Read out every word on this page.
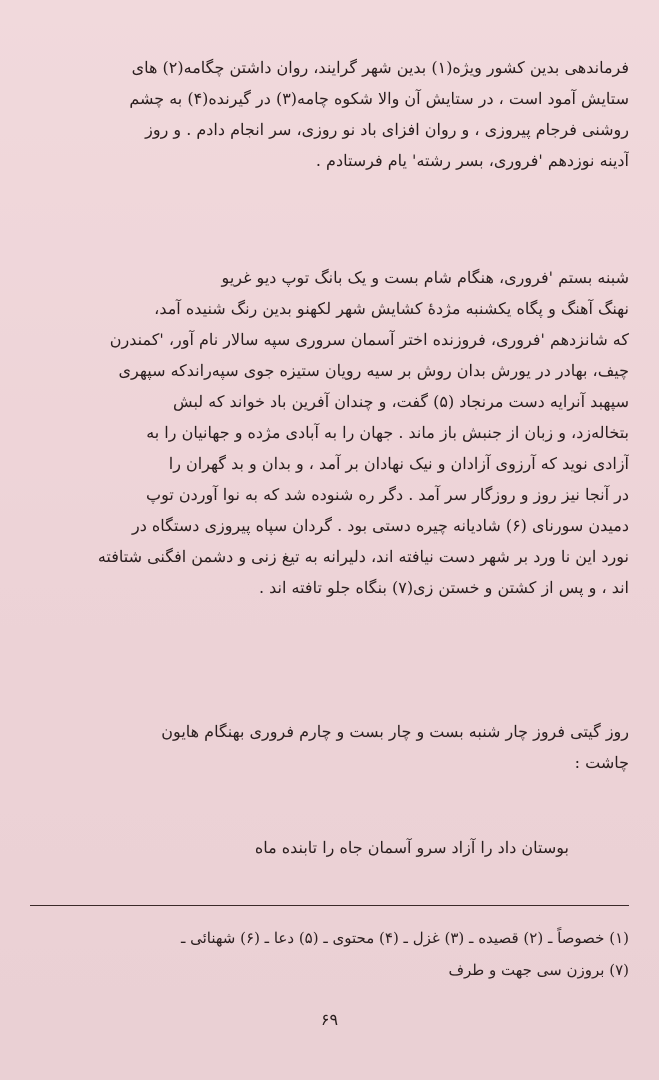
فرماندهی بدین کشور ویژه(۱) بدین شهر گرایند، روان داشتن چگامه(۲) های
ستایش آمود است ، در ستایش آن والا شکوه چامه(۳) در گیرنده(۴) به چشم
روشنی فرجام پیروزی ، و روان افزای باد نو روزی، سر انجام دادم . و روز
آدینه نوزدهم 'فروری، بسر رشته' یام فرستادم .

شبنه بستم 'فروری، هنگام شام بست و یک بانگ توپ دیو غریو
نهنگ آهنگ و پگاه یکشنبه مژدهٔ کشایش شهر لکهنو بدین رنگ شنیده آمد،
که شانزدهم 'فروری، فروزنده اختر آسمان سروری سپه سالار نام آور، 'کمندرن
چیف، بهادر در یورش بدان روش بر سیه رویان ستیزه جوی سپه‌راندکه سپهری
سپهبد آنرایه دست مرنجاد (۵) گفت، و چندان آفرین باد خواند که لبش
بتخاله‌زد، و زبان از جنبش باز ماند . جهان را به آبادی مژده و جهانیان را به
آزادی نوید که آرزوی آزادان و نیک نهادان بر آمد ، و بدان و بد گهران را
در آنجا نیز روز و روزگار سر آمد . دگر ره شنوده شد که به نوا آوردن توپ
دمیدن سورنای (۶) شادیانه چیره دستی بود . گردان سپاه پیروزی دستگاه در
نورد این نا ورد بر شهر دست نیافته اند، دلیرانه به تیغ زنی و دشمن افگنی شتافته
اند ، و پس از کشتن و خستن زی(۷) بنگاه جلو تافته اند .

روز گیتی فروز چار شنبه بست و چار بست و چارم فروری بهنگام هایون
چاشت :

بوستان داد را آزاد سرو آسمان جاه را تابنده ماه
(۱) خصوصاً ـ (۲) قصیده ـ (۳) غزل ـ (۴) محتوی ـ (۵) دعا ـ (۶) شهنائی ـ
(۷) بروزن سی جهت و طرف
۶۹
